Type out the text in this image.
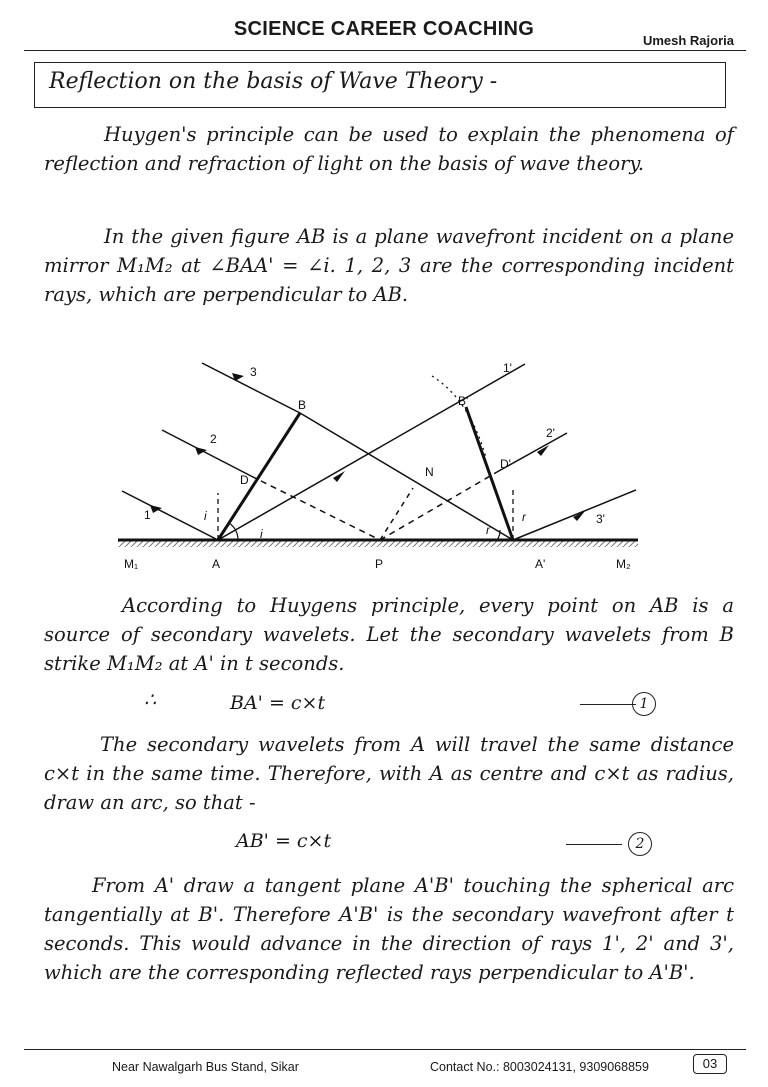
SCIENCE CAREER COACHING
Umesh Rajoria
Reflection on the basis of Wave Theory -
Huygen's principle can be used to explain the phenomena of reflection and refraction of light on the basis of wave theory.
In the given figure AB is a plane wavefront incident on a plane mirror M₁M₂ at ∠BAA' = ∠i. 1, 2, 3 are the corresponding incident rays, which are perpendicular to AB.
M₁	A	P	A'	M₂
B
D
N
B'
D'
1
2
3	1'
2'
3'
i
i	r
r
According to Huygens principle, every point on AB is a source of secondary wavelets. Let the secondary wavelets from B strike M₁M₂ at A' in t seconds.
∴	BA' = c×t	1
The secondary wavelets from A will travel the same distance c×t in the same time. Therefore, with A as centre and c×t as radius, draw an arc, so that -
AB' = c×t	2
From A' draw a tangent plane A'B' touching the spherical arc tangentially at B'. Therefore A'B' is the secondary wavefront after t seconds. This would advance in the direction of rays 1', 2' and 3', which are the corresponding reflected rays perpendicular to A'B'.
Near Nawalgarh Bus Stand, Sikar	Contact No.: 8003024131, 9309068859	03
